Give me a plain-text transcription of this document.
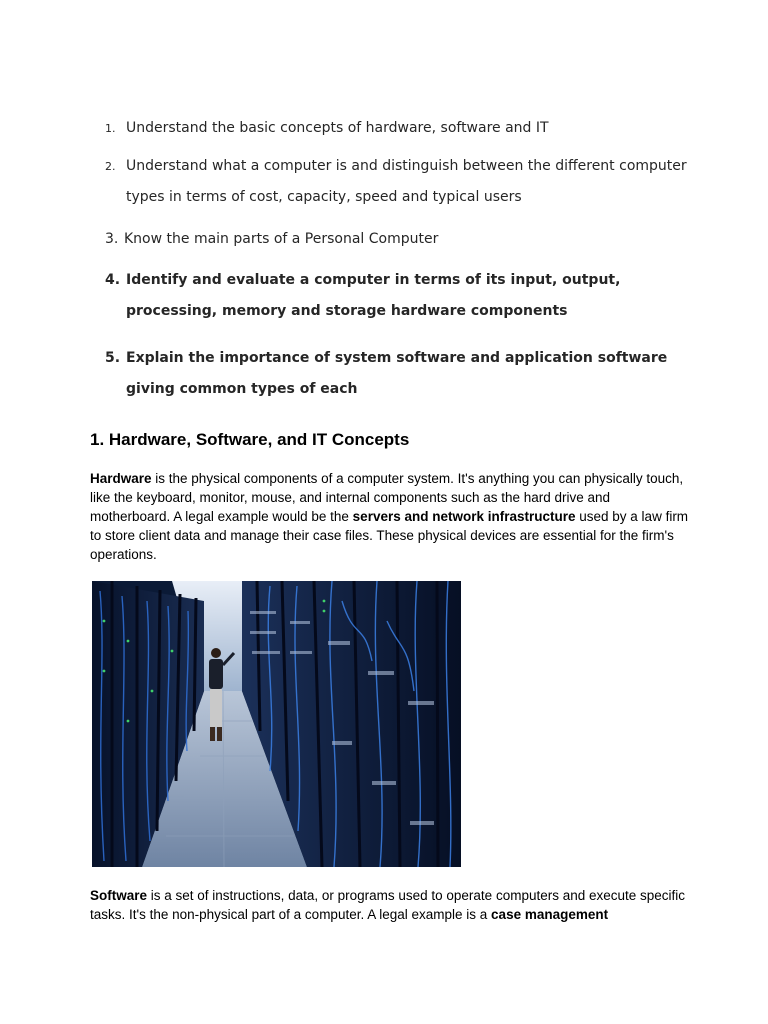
1. Understand the basic concepts of hardware, software and IT
2. Understand what a computer is and distinguish between the different computer types in terms of cost, capacity, speed and typical users
3. Know the main parts of a Personal Computer
4. Identify and evaluate a computer in terms of its input, output, processing, memory and storage hardware components
5. Explain the importance of system software and application software giving common types of each
1. Hardware, Software, and IT Concepts
Hardware is the physical components of a computer system. It's anything you can physically touch, like the keyboard, monitor, mouse, and internal components such as the hard drive and motherboard. A legal example would be the servers and network infrastructure used by a law firm to store client data and manage their case files. These physical devices are essential for the firm's operations.
Software is a set of instructions, data, or programs used to operate computers and execute specific tasks. It's the non-physical part of a computer. A legal example is a case management
